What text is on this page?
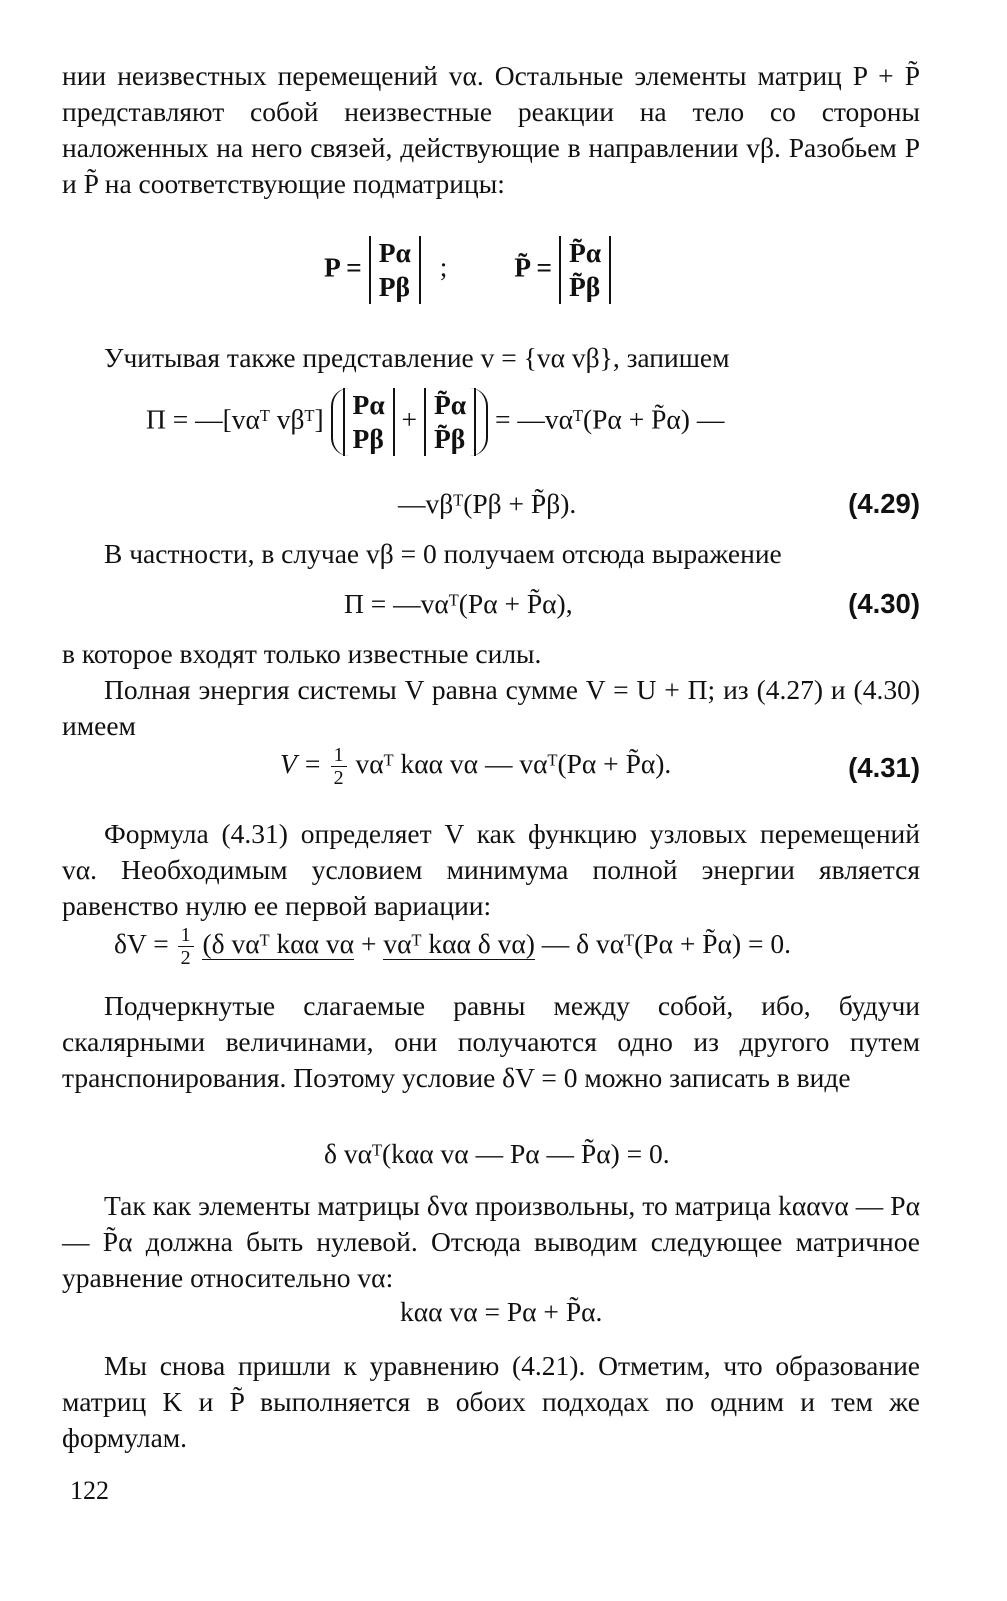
нии неизвестных перемещений vα. Остальные элементы матриц P + P̃ представляют собой неизвестные реакции на тело со стороны наложенных на него связей, действующие в направлении vβ. Разобьем P и P̃ на соответствующие подматрицы:

P = Pα
Pβ
; P̃ = P̃α
P̃β

Учитывая также представление v = {vα vβ}, запишем

П = —[vαᵀ vβᵀ] Pα
Pβ
+ P̃α
P̃β
= —vαᵀ(Pα + P̃α) —
—vβᵀ(Pβ + P̃β).	(4.29)

В частности, в случае vβ = 0 получаем отсюда выражение

П = —vαᵀ(Pα + P̃α),	(4.30)

в которое входят только известные силы.

Полная энергия системы V равна сумме V = U + П; из (4.27) и (4.30) имеем

$V = \frac{1}{2}$ vαᵀ kαα vα — vαᵀ(Pα + P̃α).	(4.31)

Формула (4.31) определяет V как функцию узловых перемещений vα. Необходимым условием минимума полной энергии является равенство нулю ее первой вариации:

$\delta V = \frac{1}{2} (\delta$ vαᵀ kαα vα + vαᵀ kαα δ vα) — δ vαᵀ(Pα + P̃α) = 0.

Подчеркнутые слагаемые равны между собой, ибо, будучи скалярными величинами, они получаются одно из другого путем транспонирования. Поэтому условие δV = 0 можно записать в виде

δ vαᵀ(kαα vα — Pα — P̃α) = 0.

Так как элементы матрицы δvα произвольны, то матрица kααvα — Pα — P̃α должна быть нулевой. Отсюда выводим следующее матричное уравнение относительно vα:

kαα vα = Pα + P̃α.

Мы снова пришли к уравнению (4.21). Отметим, что образование матриц K и P̃ выполняется в обоих подходах по одним и тем же формулам.

122
